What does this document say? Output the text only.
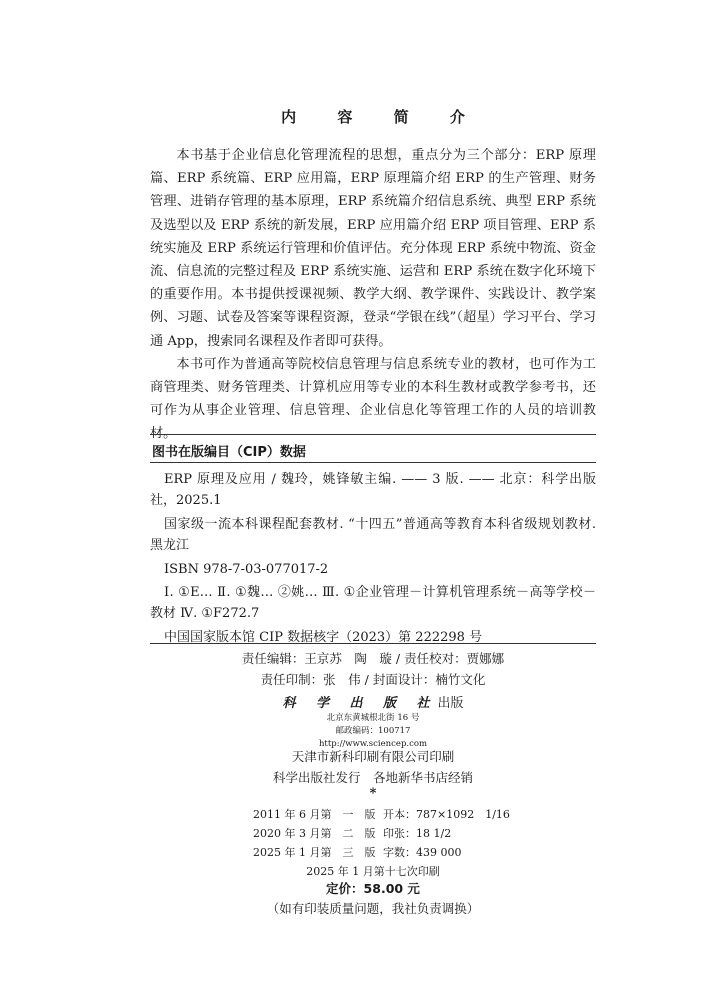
内 容 简 介

本书基于企业信息化管理流程的思想，重点分为三个部分：ERP 原理篇、ERP 系统篇、ERP 应用篇，ERP 原理篇介绍 ERP 的生产管理、财务管理、进销存管理的基本原理，ERP 系统篇介绍信息系统、典型 ERP 系统及选型以及 ERP 系统的新发展，ERP 应用篇介绍 ERP 项目管理、ERP 系统实施及 ERP 系统运行管理和价值评估。充分体现 ERP 系统中物流、资金流、信息流的完整过程及 ERP 系统实施、运营和 ERP 系统在数字化环境下的重要作用。本书提供授课视频、教学大纲、教学课件、实践设计、教学案例、习题、试卷及答案等课程资源，登录“学银在线”（超星）学习平台、学习通 App，搜索同名课程及作者即可获得。

本书可作为普通高等院校信息管理与信息系统专业的教材，也可作为工商管理类、财务管理类、计算机应用等专业的本科生教材或教学参考书，还可作为从事企业管理、信息管理、企业信息化等管理工作的人员的培训教材。

图书在版编目（CIP）数据

ERP 原理及应用 / 魏玲，姚锋敏主编. —— 3 版. —— 北京：科学出版社，2025.1

国家级一流本科课程配套教材. “十四五”普通高等教育本科省级规划教材. 黑龙江

ISBN 978-7-03-077017-2

Ⅰ. ①E… Ⅱ. ①魏… ②姚… Ⅲ. ①企业管理－计算机管理系统－高等学校－教材 Ⅳ. ①F272.7

中国国家版本馆 CIP 数据核字（2023）第 222298 号

责任编辑：王京苏　陶　璇 / 责任校对：贾娜娜
责任印制：张　伟 / 封面设计：楠竹文化
科 学 出 版 社出版
北京东黄城根北街 16 号
邮政编码：100717
http://www.sciencep.com
天津市新科印刷有限公司印刷
科学出版社发行　各地新华书店经销
*
2011 年 6 月第　一　版 开本：787×1092　1/16
2020 年 3 月第　二　版 印张：18 1/2
2025 年 1 月第　三　版 字数：439 000
2025 年 1 月第十七次印刷
定价：58.00 元
（如有印装质量问题，我社负责调换）
